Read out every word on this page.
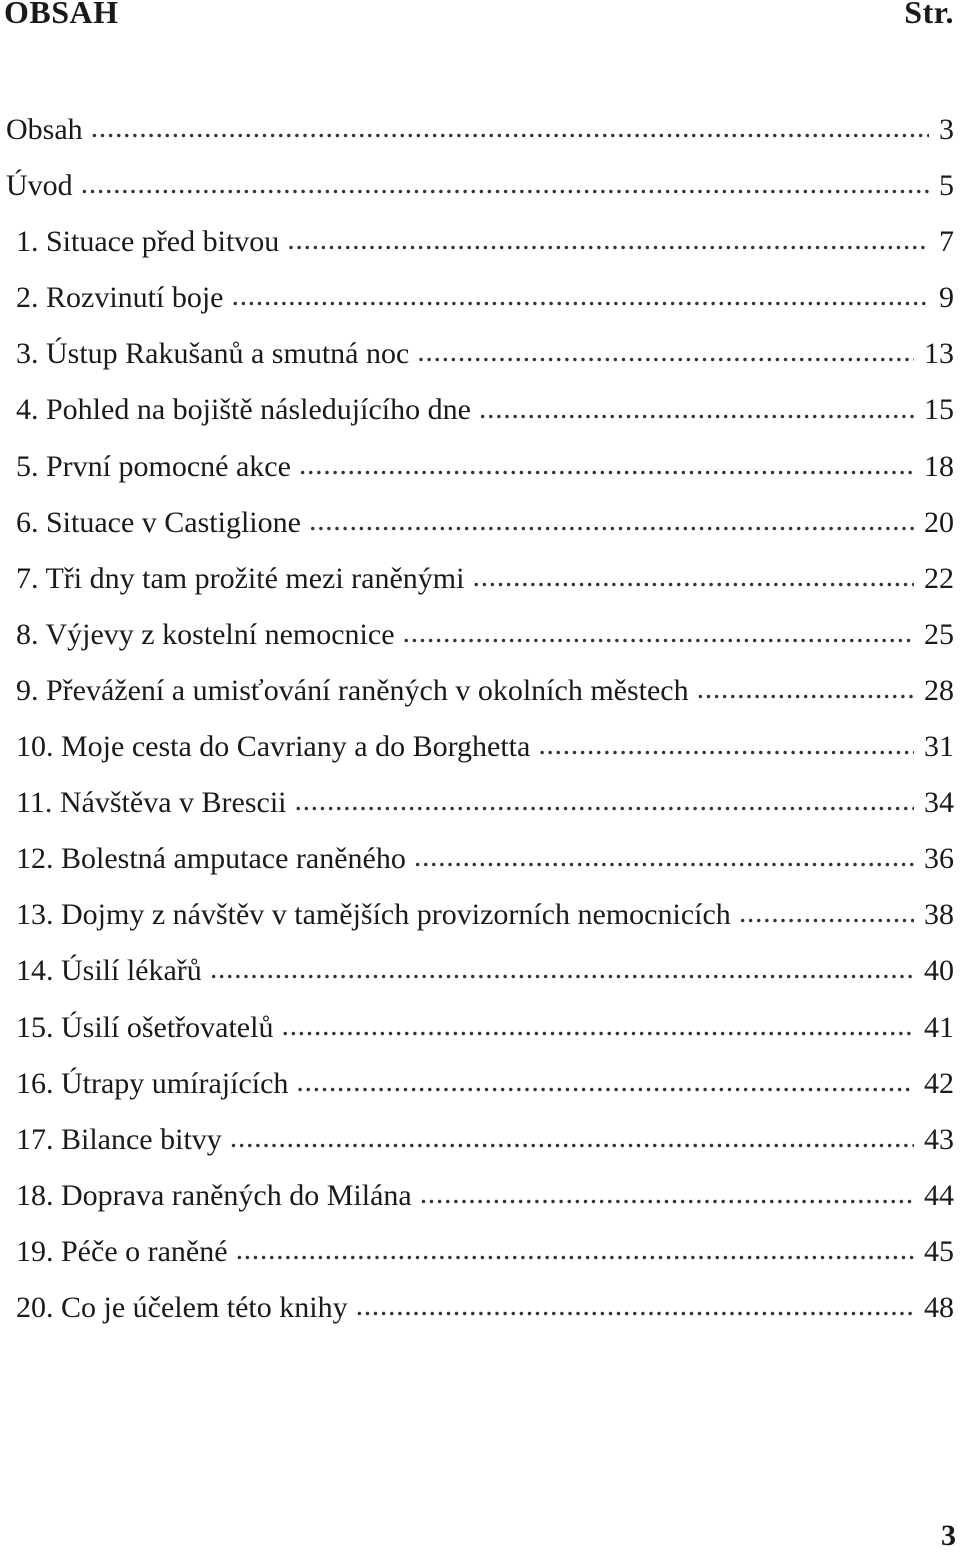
OBSAH	Str.
Obsah .....	3
Úvod .....	5
1. Situace před bitvou .....	7
2. Rozvinutí boje .....	9
3. Ústup Rakušanů a smutná noc .....	13
4. Pohled na bojiště následujícího dne .....	15
5. První pomocné akce .....	18
6. Situace v Castiglione .....	20
7. Tři dny tam prožité mezi raněnými .....	22
8. Výjevy z kostelní nemocnice .....	25
9. Převážení a umisťování raněných v okolních městech .....	28
10. Moje cesta do Cavriany a do Borghetta .....	31
11. Návštěva v Brescii .....	34
12. Bolestná amputace raněného .....	36
13. Dojmy z návštěv v tamějších provizorních nemocnicích .....	38
14. Úsilí lékařů .....	40
15. Úsilí ošetřovatelů .....	41
16. Útrapy umírajících .....	42
17. Bilance bitvy .....	43
18. Doprava raněných do Milána .....	44
19. Péče o raněné .....	45
20. Co je účelem této knihy .....	48
3
